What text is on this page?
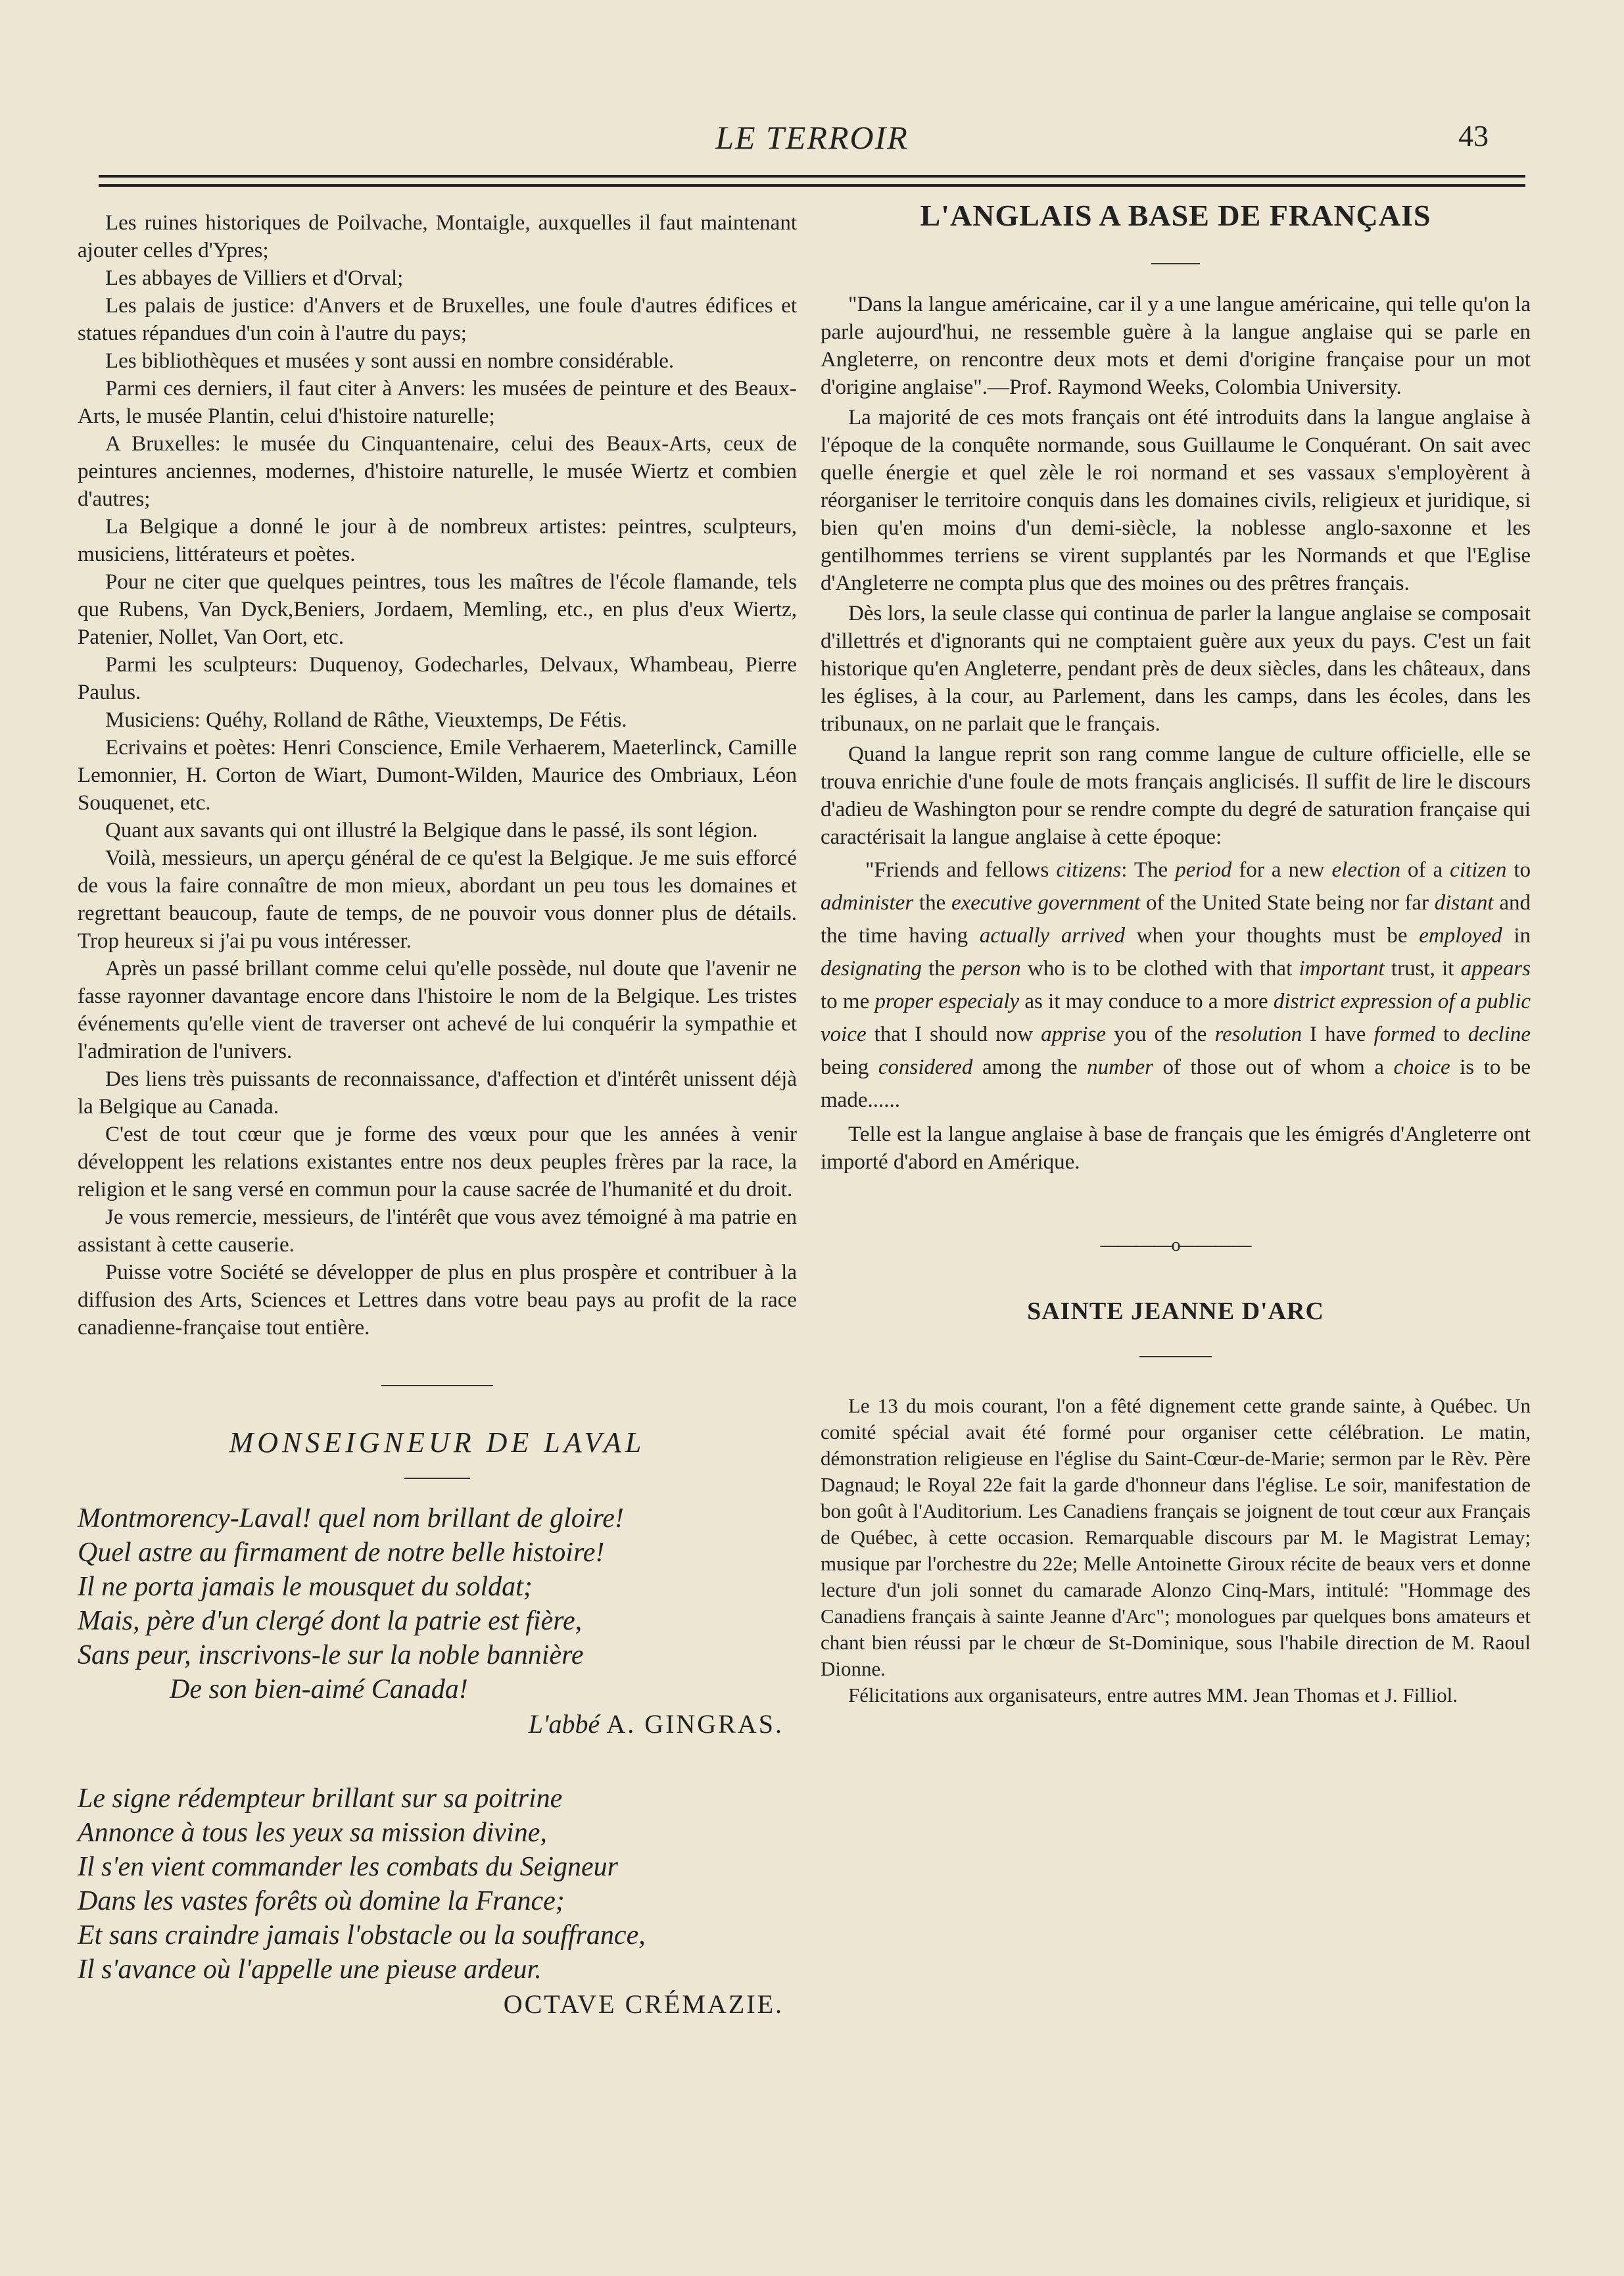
LE TERROIR	43

Les ruines historiques de Poilvache, Montaigle, auxquelles il faut maintenant ajouter celles d'Ypres;

Les abbayes de Villiers et d'Orval;

Les palais de justice: d'Anvers et de Bruxelles, une foule d'autres édifices et statues répandues d'un coin à l'autre du pays;

Les bibliothèques et musées y sont aussi en nombre considérable.

Parmi ces derniers, il faut citer à Anvers: les musées de peinture et des Beaux-Arts, le musée Plantin, celui d'histoire naturelle;

A Bruxelles: le musée du Cinquantenaire, celui des Beaux-Arts, ceux de peintures anciennes, modernes, d'histoire naturelle, le musée Wiertz et combien d'autres;

La Belgique a donné le jour à de nombreux artistes: peintres, sculpteurs, musiciens, littérateurs et poètes.

Pour ne citer que quelques peintres, tous les maîtres de l'école flamande, tels que Rubens, Van Dyck,Beniers, Jordaem, Memling, etc., en plus d'eux Wiertz, Patenier, Nollet, Van Oort, etc.

Parmi les sculpteurs: Duquenoy, Godecharles, Delvaux, Whambeau, Pierre Paulus.

Musiciens: Quéhy, Rolland de Râthe, Vieuxtemps, De Fétis.

Ecrivains et poètes: Henri Conscience, Emile Verhaerem, Maeterlinck, Camille Lemonnier, H. Corton de Wiart, Dumont-Wilden, Maurice des Ombriaux, Léon Souquenet, etc.

Quant aux savants qui ont illustré la Belgique dans le passé, ils sont légion.

Voilà, messieurs, un aperçu général de ce qu'est la Belgique. Je me suis efforcé de vous la faire connaître de mon mieux, abordant un peu tous les domaines et regrettant beaucoup, faute de temps, de ne pouvoir vous donner plus de détails. Trop heureux si j'ai pu vous intéresser.

Après un passé brillant comme celui qu'elle possède, nul doute que l'avenir ne fasse rayonner davantage encore dans l'histoire le nom de la Belgique. Les tristes événements qu'elle vient de traverser ont achevé de lui conquérir la sympathie et l'admiration de l'univers.

Des liens très puissants de reconnaissance, d'affection et d'intérêt unissent déjà la Belgique au Canada.

C'est de tout cœur que je forme des vœux pour que les années à venir développent les relations existantes entre nos deux peuples frères par la race, la religion et le sang versé en commun pour la cause sacrée de l'humanité et du droit.

Je vous remercie, messieurs, de l'intérêt que vous avez témoigné à ma patrie en assistant à cette causerie.

Puisse votre Société se développer de plus en plus prospère et contribuer à la diffusion des Arts, Sciences et Lettres dans votre beau pays au profit de la race canadienne-française tout entière.

MONSEIGNEUR DE LAVAL
Montmorency-Laval! quel nom brillant de gloire!
Quel astre au firmament de notre belle histoire!
Il ne porta jamais le mousquet du soldat;
Mais, père d'un clergé dont la patrie est fière,
Sans peur, inscrivons-le sur la noble bannière
De son bien-aimé Canada!
L'abbé A. GINGRAS.
Le signe rédempteur brillant sur sa poitrine
Annonce à tous les yeux sa mission divine,
Il s'en vient commander les combats du Seigneur
Dans les vastes forêts où domine la France;
Et sans craindre jamais l'obstacle ou la souffrance,
Il s'avance où l'appelle une pieuse ardeur.
OCTAVE CRÉMAZIE.
L'ANGLAIS A BASE DE FRANÇAIS

"Dans la langue américaine, car il y a une langue américaine, qui telle qu'on la parle aujourd'hui, ne ressemble guère à la langue anglaise qui se parle en Angleterre, on rencontre deux mots et demi d'origine française pour un mot d'origine anglaise".—Prof. Raymond Weeks, Colombia University.

La majorité de ces mots français ont été introduits dans la langue anglaise à l'époque de la conquête normande, sous Guillaume le Conquérant. On sait avec quelle énergie et quel zèle le roi normand et ses vassaux s'employèrent à réorganiser le territoire conquis dans les domaines civils, religieux et juridique, si bien qu'en moins d'un demi-siècle, la noblesse anglo-saxonne et les gentilhommes terriens se virent supplantés par les Normands et que l'Eglise d'Angleterre ne compta plus que des moines ou des prêtres français.

Dès lors, la seule classe qui continua de parler la langue anglaise se composait d'illettrés et d'ignorants qui ne comptaient guère aux yeux du pays. C'est un fait historique qu'en Angleterre, pendant près de deux siècles, dans les châteaux, dans les églises, à la cour, au Parlement, dans les camps, dans les écoles, dans les tribunaux, on ne parlait que le français.

Quand la langue reprit son rang comme langue de culture officielle, elle se trouva enrichie d'une foule de mots français anglicisés. Il suffit de lire le discours d'adieu de Washington pour se rendre compte du degré de saturation française qui caractérisait la langue anglaise à cette époque:

"Friends and fellows citizens: The period for a new election of a citizen to administer the executive government of the United State being nor far distant and the time having actually arrived when your thoughts must be employed in designating the person who is to be clothed with that important trust, it appears to me proper especialy as it may conduce to a more district expression of a public voice that I should now apprise you of the resolution I have formed to decline being considered among the number of those out of whom a choice is to be made......

Telle est la langue anglaise à base de français que les émigrés d'Angleterre ont importé d'abord en Amérique.

————o————
SAINTE JEANNE D'ARC

Le 13 du mois courant, l'on a fêté dignement cette grande sainte, à Québec. Un comité spécial avait été formé pour organiser cette célébration. Le matin, démonstration religieuse en l'église du Saint-Cœur-de-Marie; sermon par le Rèv. Père Dagnaud; le Royal 22e fait la garde d'honneur dans l'église. Le soir, manifestation de bon goût à l'Auditorium. Les Canadiens français se joignent de tout cœur aux Français de Québec, à cette occasion. Remarquable discours par M. le Magistrat Lemay; musique par l'orchestre du 22e; Melle Antoinette Giroux récite de beaux vers et donne lecture d'un joli sonnet du camarade Alonzo Cinq-Mars, intitulé: "Hommage des Canadiens français à sainte Jeanne d'Arc"; monologues par quelques bons amateurs et chant bien réussi par le chœur de St-Dominique, sous l'habile direction de M. Raoul Dionne.

Félicitations aux organisateurs, entre autres MM. Jean Thomas et J. Filliol.
